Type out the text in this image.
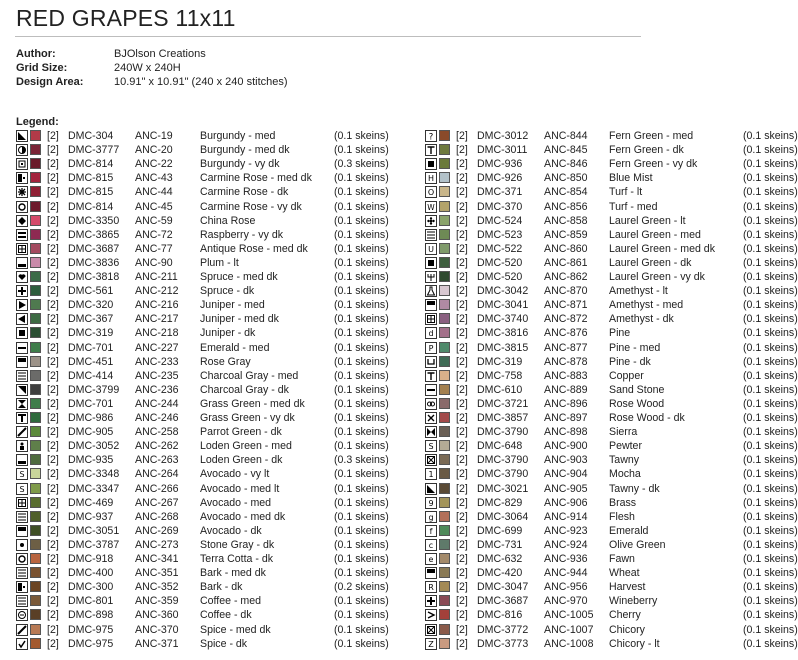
RED GRAPES 11x11
Author:	BJOlson Creations
Grid Size:	240W x 240H
Design Area:	10.91" x 10.91" (240 x 240 stitches)
Legend:
[2] DMC-304 ANC-19	Burgundy - med	(0.1 skeins)
[2] DMC-3777 ANC-20	Burgundy - med dk	(0.1 skeins)
[2] DMC-814 ANC-22	Burgundy - vy dk	(0.3 skeins)
[2] DMC-815 ANC-43	Carmine Rose - med dk (0.1 skeins)
[2] DMC-815 ANC-44	Carmine Rose - dk	(0.1 skeins)
[2] DMC-814 ANC-45	Carmine Rose - vy dk	(0.1 skeins)
[2] DMC-3350 ANC-59	China Rose	(0.1 skeins)
[2] DMC-3865 ANC-72	Raspberry - vy dk	(0.1 skeins)
[2] DMC-3687 ANC-77	Antique Rose - med dk (0.1 skeins)
[2] DMC-3836 ANC-90	Plum - lt	(0.1 skeins)
[2] DMC-3818 ANC-211 Spruce - med dk	(0.1 skeins)
[2] DMC-561 ANC-212 Spruce - dk	(0.1 skeins)
[2] DMC-320 ANC-216 Juniper - med	(0.1 skeins)
[2] DMC-367 ANC-217 Juniper - med dk	(0.1 skeins)
[2] DMC-319 ANC-218 Juniper - dk	(0.1 skeins)
[2] DMC-701 ANC-227 Emerald - med	(0.1 skeins)
[2] DMC-451 ANC-233 Rose Gray	(0.1 skeins)
[2] DMC-414 ANC-235 Charcoal Gray - med	(0.1 skeins)
[2] DMC-3799 ANC-236 Charcoal Gray - dk	(0.1 skeins)
[2] DMC-701 ANC-244 Grass Green - med dk	(0.1 skeins)
[2] DMC-986 ANC-246 Grass Green - vy dk	(0.1 skeins)
[2] DMC-905 ANC-258 Parrot Green - dk	(0.1 skeins)
[2] DMC-3052 ANC-262 Loden Green - med	(0.1 skeins)
[2] DMC-935 ANC-263 Loden Green - dk	(0.3 skeins)
S [2] DMC-3348 ANC-264 Avocado - vy lt	(0.1 skeins)
S [2] DMC-3347 ANC-266 Avocado - med lt	(0.1 skeins)
[2] DMC-469 ANC-267 Avocado - med	(0.1 skeins)
[2] DMC-937 ANC-268 Avocado - med dk	(0.1 skeins)
[2] DMC-3051 ANC-269 Avocado - dk	(0.1 skeins)
[2] DMC-3787 ANC-273 Stone Gray - dk	(0.1 skeins)
[2] DMC-918 ANC-341 Terra Cotta - dk	(0.1 skeins)
[2] DMC-400 ANC-351 Bark - med dk	(0.1 skeins)
[2] DMC-300 ANC-352 Bark - dk	(0.2 skeins)
[2] DMC-801 ANC-359 Coffee - med	(0.1 skeins)
[2] DMC-898 ANC-360 Coffee - dk	(0.1 skeins)
[2] DMC-975 ANC-370 Spice - med dk	(0.1 skeins)
[2] DMC-975 ANC-371 Spice - dk	(0.1 skeins)
? [2] DMC-3012 ANC-844 Fern Green - med	(0.1 skeins)
[2] DMC-3011 ANC-845 Fern Green - dk	(0.1 skeins)
[2] DMC-936 ANC-846 Fern Green - vy dk	(0.1 skeins)
H [2] DMC-926 ANC-850 Blue Mist	(0.1 skeins)
O [2] DMC-371 ANC-854 Turf - lt	(0.1 skeins)
W [2] DMC-370 ANC-856 Turf - med	(0.1 skeins)
[2] DMC-524 ANC-858 Laurel Green - lt	(0.1 skeins)
[2] DMC-523 ANC-859 Laurel Green - med	(0.1 skeins)
U [2] DMC-522 ANC-860 Laurel Green - med dk	(0.1 skeins)
[2] DMC-520 ANC-861 Laurel Green - dk	(0.1 skeins)
[2] DMC-520 ANC-862 Laurel Green - vy dk	(0.1 skeins)
[2] DMC-3042 ANC-870 Amethyst - lt	(0.1 skeins)
[2] DMC-3041 ANC-871 Amethyst - med	(0.1 skeins)
[2] DMC-3740 ANC-872 Amethyst - dk	(0.1 skeins)
d [2] DMC-3816 ANC-876 Pine	(0.1 skeins)
P [2] DMC-3815 ANC-877 Pine - med	(0.1 skeins)
[2] DMC-319 ANC-878 Pine - dk	(0.1 skeins)
[2] DMC-758 ANC-883 Copper	(0.1 skeins)
[2] DMC-610 ANC-889 Sand Stone	(0.1 skeins)
[2] DMC-3721 ANC-896 Rose Wood	(0.1 skeins)
[2] DMC-3857 ANC-897 Rose Wood - dk	(0.1 skeins)
[2] DMC-3790 ANC-898 Sierra	(0.1 skeins)
S [2] DMC-648 ANC-900 Pewter	(0.1 skeins)
[2] DMC-3790 ANC-903 Tawny	(0.1 skeins)
1 [2] DMC-3790 ANC-904 Mocha	(0.1 skeins)
[2] DMC-3021 ANC-905 Tawny - dk	(0.1 skeins)
9 [2] DMC-829 ANC-906 Brass	(0.1 skeins)
g [2] DMC-3064 ANC-914 Flesh	(0.1 skeins)
f [2] DMC-699 ANC-923 Emerald	(0.1 skeins)
c [2] DMC-731 ANC-924 Olive Green	(0.1 skeins)
e [2] DMC-632 ANC-936 Fawn	(0.1 skeins)
[2] DMC-420 ANC-944 Wheat	(0.1 skeins)
R [2] DMC-3047 ANC-956 Harvest	(0.1 skeins)
[2] DMC-3687 ANC-970 Wineberry	(0.1 skeins)
[2] DMC-816 ANC-1005 Cherry	(0.1 skeins)
[2] DMC-3772 ANC-1007 Chicory	(0.1 skeins)
Z [2] DMC-3773 ANC-1008 Chicory - lt	(0.1 skeins)
